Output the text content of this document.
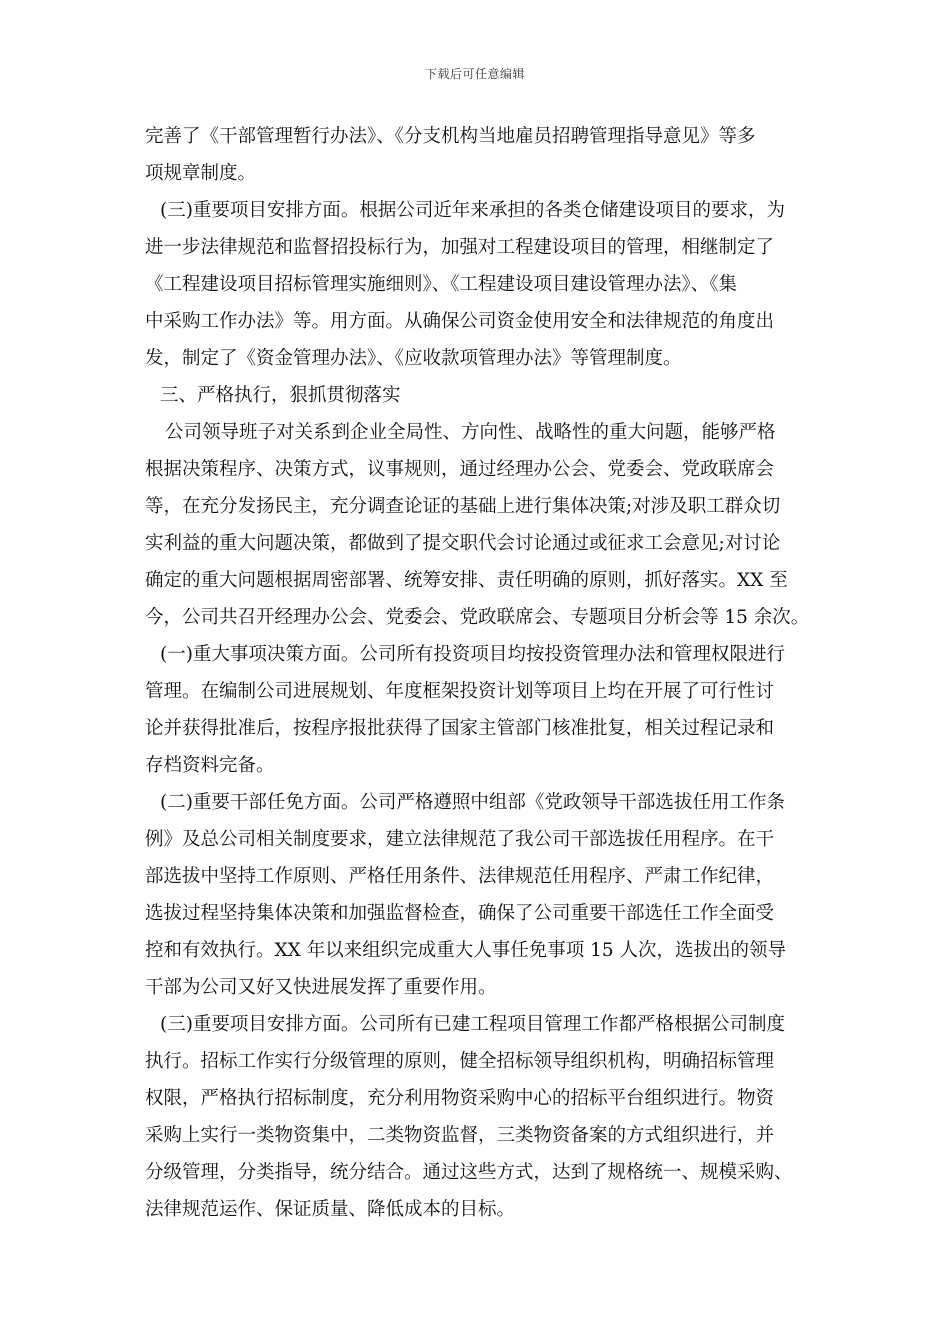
下载后可任意编辑
完善了《干部管理暂行办法》、《分支机构当地雇员招聘管理指导意见》等多
项规章制度。
(三)重要项目安排方面。根据公司近年来承担的各类仓储建设项目的要求，为
进一步法律规范和监督招投标行为，加强对工程建设项目的管理，相继制定了
《工程建设项目招标管理实施细则》、《工程建设项目建设管理办法》、《集
中采购工作办法》等。用方面。从确保公司资金使用安全和法律规范的角度出
发，制定了《资金管理办法》、《应收款项管理办法》等管理制度。
三、严格执行，狠抓贯彻落实
公司领导班子对关系到企业全局性、方向性、战略性的重大问题，能够严格
根据决策程序、决策方式，议事规则，通过经理办公会、党委会、党政联席会
等，在充分发扬民主，充分调查论证的基础上进行集体决策;对涉及职工群众切
实利益的重大问题决策，都做到了提交职代会讨论通过或征求工会意见;对讨论
确定的重大问题根据周密部署、统筹安排、责任明确的原则，抓好落实。XX 至
今，公司共召开经理办公会、党委会、党政联席会、专题项目分析会等 15 余次。
(一)重大事项决策方面。公司所有投资项目均按投资管理办法和管理权限进行
管理。在编制公司进展规划、年度框架投资计划等项目上均在开展了可行性讨
论并获得批准后，按程序报批获得了国家主管部门核准批复，相关过程记录和
存档资料完备。
(二)重要干部任免方面。公司严格遵照中组部《党政领导干部选拔任用工作条
例》及总公司相关制度要求，建立法律规范了我公司干部选拔任用程序。在干
部选拔中坚持工作原则、严格任用条件、法律规范任用程序、严肃工作纪律，
选拔过程坚持集体决策和加强监督检查，确保了公司重要干部选任工作全面受
控和有效执行。XX 年以来组织完成重大人事任免事项 15 人次，选拔出的领导
干部为公司又好又快进展发挥了重要作用。
(三)重要项目安排方面。公司所有已建工程项目管理工作都严格根据公司制度
执行。招标工作实行分级管理的原则，健全招标领导组织机构，明确招标管理
权限，严格执行招标制度，充分利用物资采购中心的招标平台组织进行。物资
采购上实行一类物资集中，二类物资监督，三类物资备案的方式组织进行，并
分级管理，分类指导，统分结合。通过这些方式，达到了规格统一、规模采购、
法律规范运作、保证质量、降低成本的目标。
